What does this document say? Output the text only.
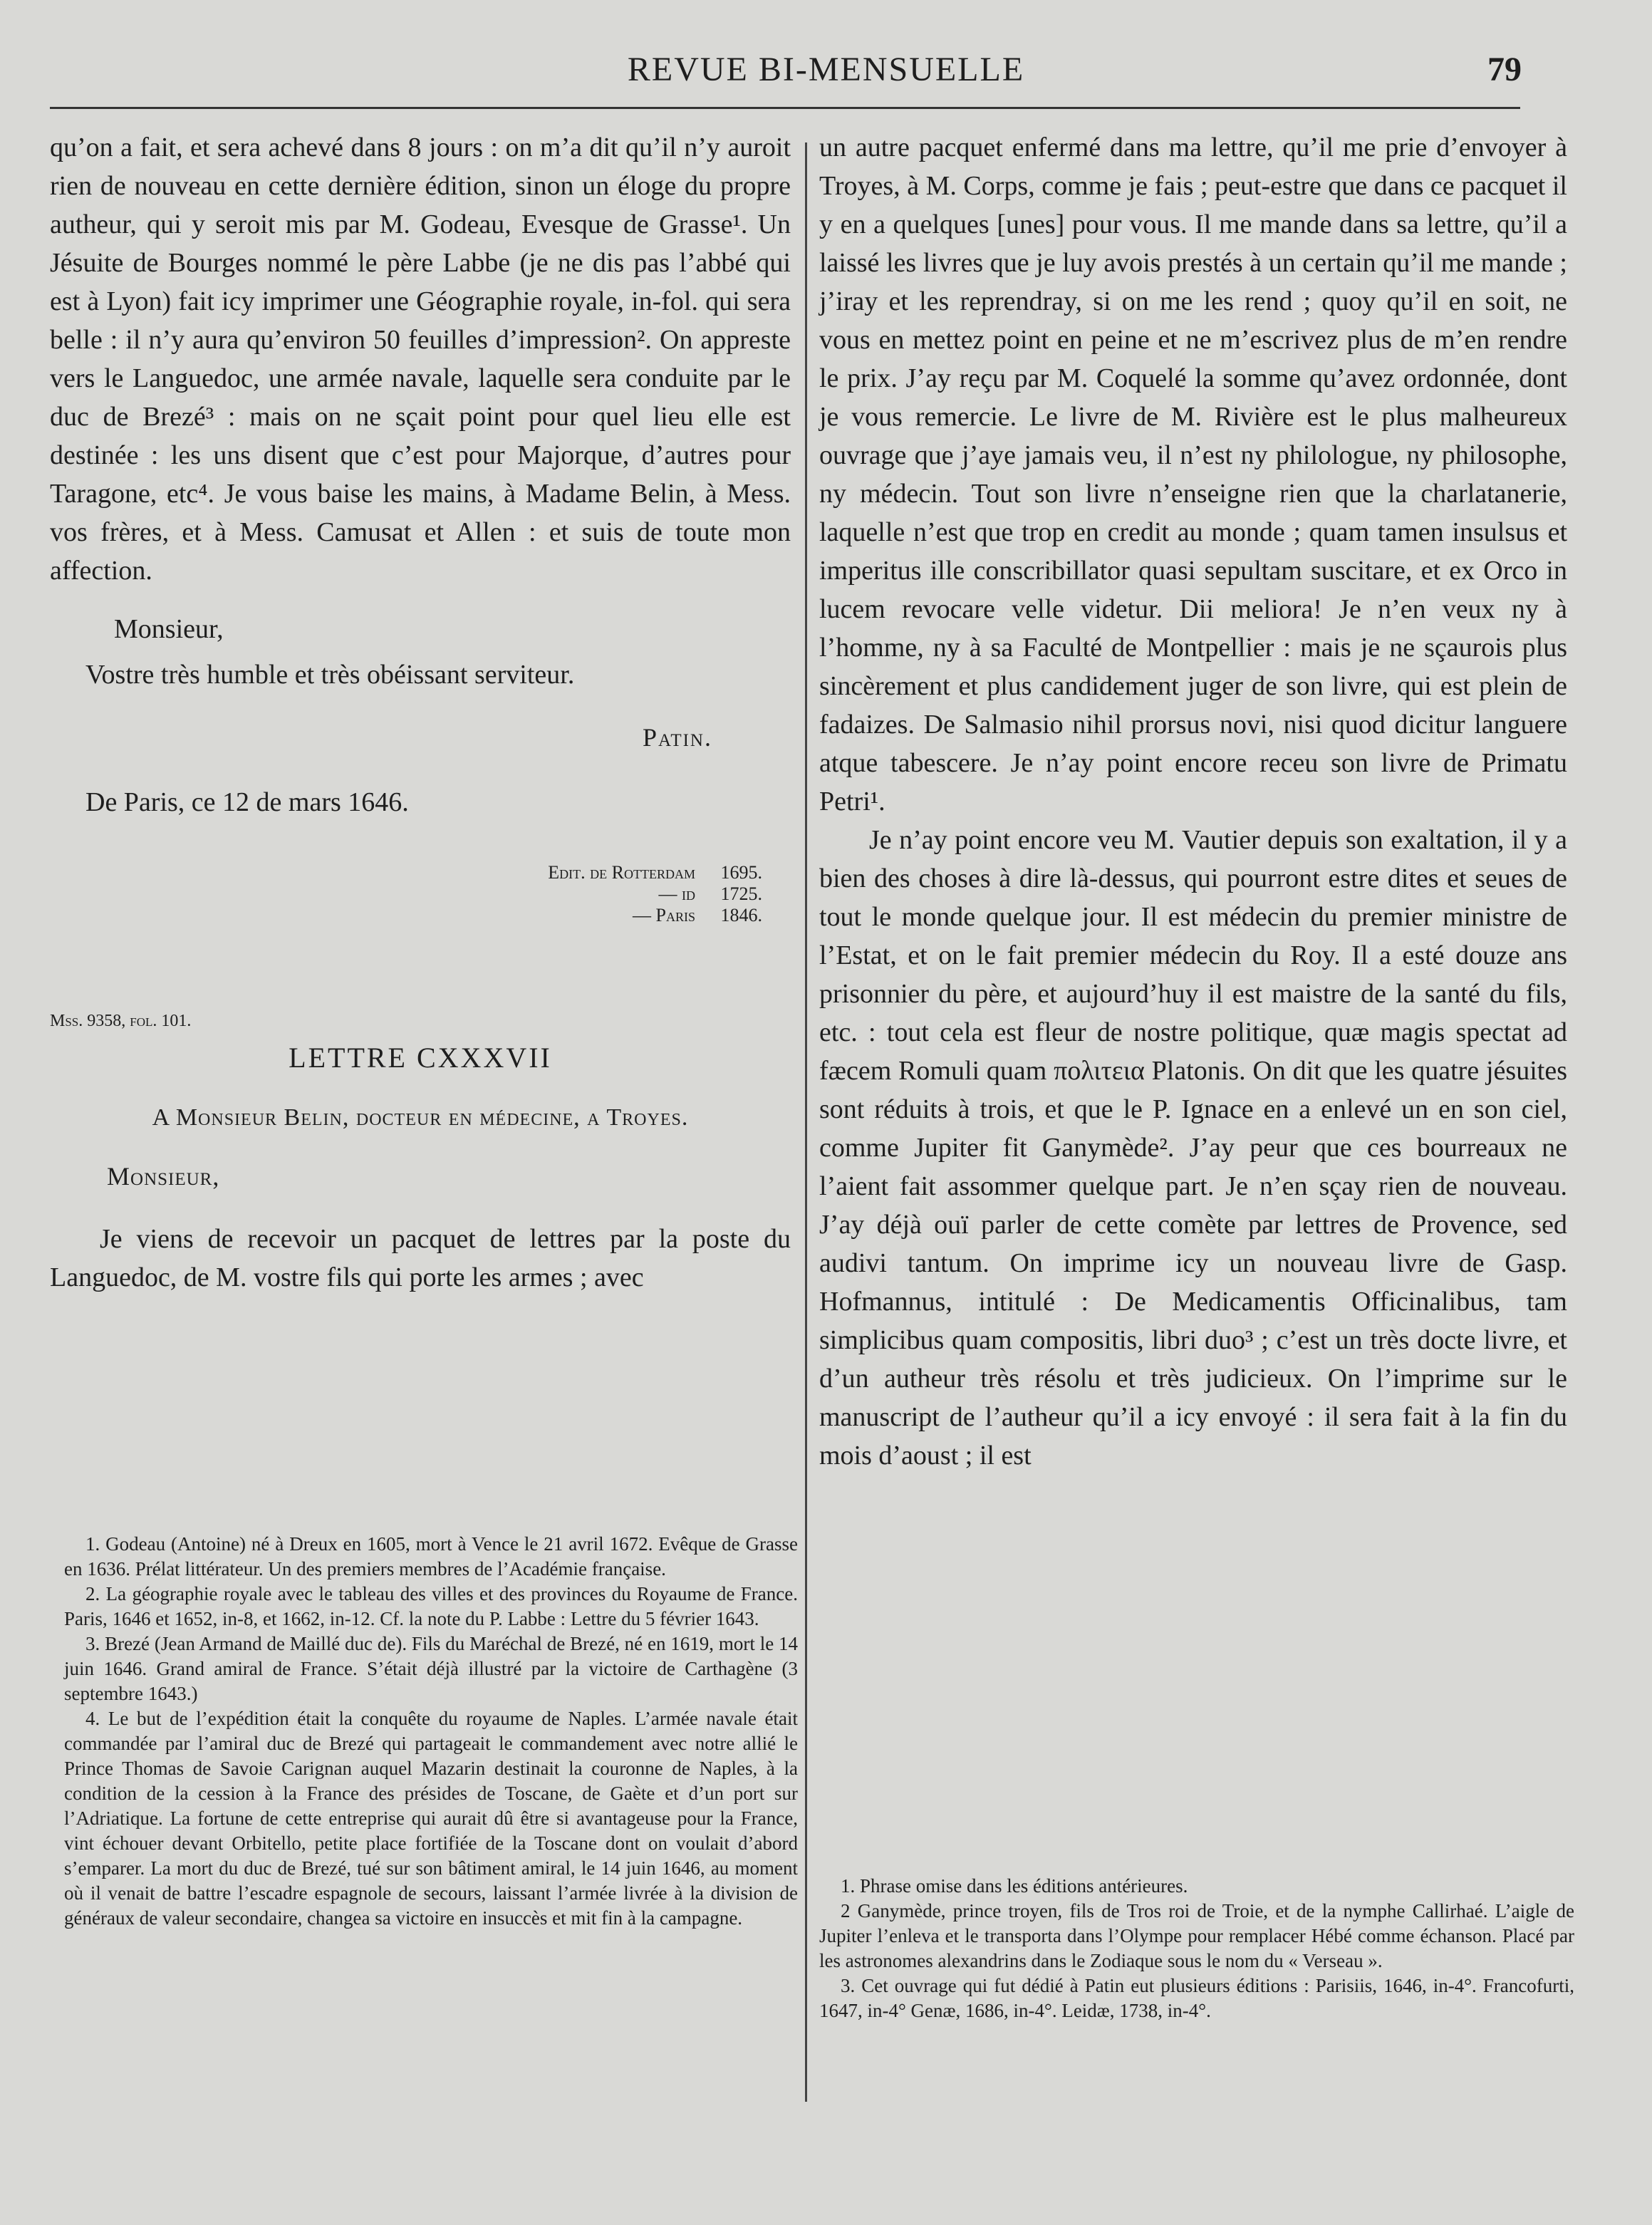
REVUE BI-MENSUELLE	79

qu’on a fait, et sera achevé dans 8 jours : on m’a dit qu’il n’y auroit rien de nouveau en cette dernière édition, sinon un éloge du propre autheur, qui y seroit mis par M. Godeau, Evesque de Grasse¹. Un Jésuite de Bourges nommé le père Labbe (je ne dis pas l’abbé qui est à Lyon) fait icy imprimer une Géographie royale, in-fol. qui sera belle : il n’y aura qu’environ 50 feuilles d’impression². On appreste vers le Languedoc, une armée navale, laquelle sera conduite par le duc de Brezé³ : mais on ne sçait point pour quel lieu elle est destinée : les uns disent que c’est pour Majorque, d’autres pour Taragone, etc⁴. Je vous baise les mains, à Madame Belin, à Mess. vos frères, et à Mess. Camusat et Allen : et suis de toute mon affection.

Monsieur,
Vostre très humble et très obéissant serviteur.
Patin.
De Paris, ce 12 de mars 1646.
Edit. de Rotterdam	1695.
— id	1725.
— Paris	1846.
Mss. 9358, fol. 101.
LETTRE CXXXVII
A Monsieur Belin, docteur en médecine, a Troyes.
Monsieur,

Je viens de recevoir un pacquet de lettres par la poste du Languedoc, de M. vostre fils qui porte les armes ; avec

un autre pacquet enfermé dans ma lettre, qu’il me prie d’envoyer à Troyes, à M. Corps, comme je fais ; peut-estre que dans ce pacquet il y en a quelques [unes] pour vous. Il me mande dans sa lettre, qu’il a laissé les livres que je luy avois prestés à un certain qu’il me mande ; j’iray et les reprendray, si on me les rend ; quoy qu’il en soit, ne vous en mettez point en peine et ne m’escrivez plus de m’en rendre le prix. J’ay reçu par M. Coquelé la somme qu’avez ordonnée, dont je vous remercie. Le livre de M. Rivière est le plus malheureux ouvrage que j’aye jamais veu, il n’est ny philologue, ny philosophe, ny médecin. Tout son livre n’enseigne rien que la charlatanerie, laquelle n’est que trop en credit au monde ; quam tamen insulsus et imperitus ille conscribillator quasi sepultam suscitare, et ex Orco in lucem revocare velle videtur. Dii meliora! Je n’en veux ny à l’homme, ny à sa Faculté de Montpellier : mais je ne sçaurois plus sincèrement et plus candidement juger de son livre, qui est plein de fadaizes. De Salmasio nihil prorsus novi, nisi quod dicitur languere atque tabescere. Je n’ay point encore receu son livre de Primatu Petri¹.

Je n’ay point encore veu M. Vautier depuis son exaltation, il y a bien des choses à dire là-dessus, qui pourront estre dites et seues de tout le monde quelque jour. Il est médecin du premier ministre de l’Estat, et on le fait premier médecin du Roy. Il a esté douze ans prisonnier du père, et aujourd’huy il est maistre de la santé du fils, etc. : tout cela est fleur de nostre politique, quæ magis spectat ad fæcem Romuli quam πολιτεια Platonis. On dit que les quatre jésuites sont réduits à trois, et que le P. Ignace en a enlevé un en son ciel, comme Jupiter fit Ganymède². J’ay peur que ces bourreaux ne l’aient fait assommer quelque part. Je n’en sçay rien de nouveau. J’ay déjà ouï parler de cette comète par lettres de Provence, sed audivi tantum. On imprime icy un nouveau livre de Gasp. Hofmannus, intitulé : De Medicamentis Officinalibus, tam simplicibus quam compositis, libri duo³ ; c’est un très docte livre, et d’un autheur très résolu et très judicieux. On l’imprime sur le manuscript de l’autheur qu’il a icy envoyé : il sera fait à la fin du mois d’aoust ; il est

1. Godeau (Antoine) né à Dreux en 1605, mort à Vence le 21 avril 1672. Evêque de Grasse en 1636. Prélat littérateur. Un des premiers membres de l’Académie française.

2. La géographie royale avec le tableau des villes et des provinces du Royaume de France. Paris, 1646 et 1652, in-8, et 1662, in-12. Cf. la note du P. Labbe : Lettre du 5 février 1643.

3. Brezé (Jean Armand de Maillé duc de). Fils du Maréchal de Brezé, né en 1619, mort le 14 juin 1646. Grand amiral de France. S’était déjà illustré par la victoire de Carthagène (3 septembre 1643.)

4. Le but de l’expédition était la conquête du royaume de Naples. L’armée navale était commandée par l’amiral duc de Brezé qui partageait le commandement avec notre allié le Prince Thomas de Savoie Carignan auquel Mazarin destinait la couronne de Naples, à la condition de la cession à la France des présides de Toscane, de Gaète et d’un port sur l’Adriatique. La fortune de cette entreprise qui aurait dû être si avantageuse pour la France, vint échouer devant Orbitello, petite place fortifiée de la Toscane dont on voulait d’abord s’emparer. La mort du duc de Brezé, tué sur son bâtiment amiral, le 14 juin 1646, au moment où il venait de battre l’escadre espagnole de secours, laissant l’armée livrée à la division de généraux de valeur secondaire, changea sa victoire en insuccès et mit fin à la campagne.

1. Phrase omise dans les éditions antérieures.

2 Ganymède, prince troyen, fils de Tros roi de Troie, et de la nymphe Callirhaé. L’aigle de Jupiter l’enleva et le transporta dans l’Olympe pour remplacer Hébé comme échanson. Placé par les astronomes alexandrins dans le Zodiaque sous le nom du « Verseau ».

3. Cet ouvrage qui fut dédié à Patin eut plusieurs éditions : Parisiis, 1646, in-4°. Francofurti, 1647, in-4° Genæ, 1686, in-4°. Leidæ, 1738, in-4°.
